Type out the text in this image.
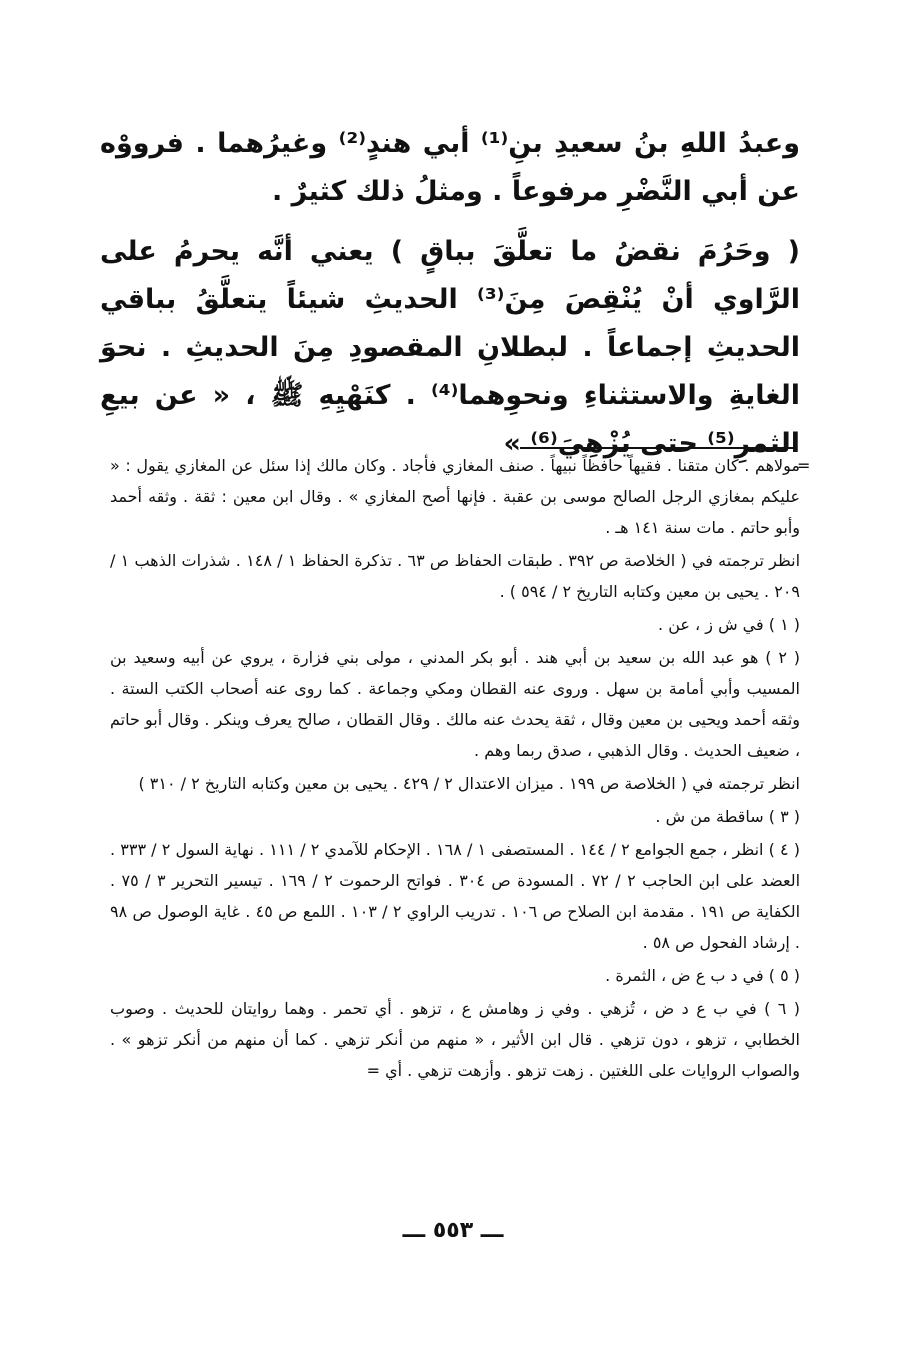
وعبدُ اللهِ بنُ سعيدِ بنِ⁽¹⁾ أبي هندٍ⁽²⁾ وغيرُهما . فرووْه عن أبي النَّضْرِ مرفوعاً . ومثلُ ذلك كثيرٌ .

( وحَرُمَ نقضُ ما تعلَّقَ بباقٍ ) يعني أنَّه يحرمُ على الرَّاوي أنْ يُنْقِصَ مِنَ⁽³⁾ الحديثِ شيئاً يتعلَّقُ بباقي الحديثِ إجماعاً . لبطلانِ المقصودِ مِنَ الحديثِ . نحوَ الغايةِ والاستثناءِ ونحوِهما⁽⁴⁾ . كنَهْيِهِ ﷺ ، « عن بيعِ الثمرِ⁽⁵⁾ حتى يُزْهِيَ⁽⁶⁾ »

=

مولاهم . كان متقنا . فقيهاً حافظاً نبيهاً . صنف المغازي فأجاد . وكان مالك إذا سئل عن المغازي يقول : « عليكم بمغازي الرجل الصالح موسى بن عقبة . فإنها أصح المغازي » . وقال ابن معين : ثقة . وثقه أحمد وأبو حاتم . مات سنة ١٤١ هـ .

انظر ترجمته في ( الخلاصة ص ٣٩٢ . طبقات الحفاظ ص ٦٣ . تذكرة الحفاظ ١ / ١٤٨ . شذرات الذهب ١ / ٢٠٩ . يحيى بن معين وكتابه التاريخ ٢ / ٥٩٤ ) .

( ١ ) في ش ز ، عن .

( ٢ ) هو عبد الله بن سعيد بن أبي هند . أبو بكر المدني ، مولى بني فزارة ، يروي عن أبيه وسعيد بن المسيب وأبي أمامة بن سهل . وروى عنه القطان ومكي وجماعة . كما روى عنه أصحاب الكتب الستة . وثقه أحمد ويحيى بن معين وقال ، ثقة يحدث عنه مالك . وقال القطان ، صالح يعرف وينكر . وقال أبو حاتم ، ضعيف الحديث . وقال الذهبي ، صدق ربما وهم .

انظر ترجمته في ( الخلاصة ص ١٩٩ . ميزان الاعتدال ٢ / ٤٢٩ . يحيى بن معين وكتابه التاريخ ٢ / ٣١٠ )

( ٣ ) ساقطة من ش .

( ٤ ) انظر ، جمع الجوامع ٢ / ١٤٤ . المستصفى ١ / ١٦٨ . الإحكام للآمدي ٢ / ١١١ . نهاية السول ٢ / ٣٣٣ . العضد على ابن الحاجب ٢ / ٧٢ . المسودة ص ٣٠٤ . فواتح الرحموت ٢ / ١٦٩ . تيسير التحرير ٣ / ٧٥ . الكفاية ص ١٩١ . مقدمة ابن الصلاح ص ١٠٦ . تدريب الراوي ٢ / ١٠٣ . اللمع ص ٤٥ . غاية الوصول ص ٩٨ . إرشاد الفحول ص ٥٨ .

( ٥ ) في د ب ع ض ، الثمرة .

( ٦ ) في ب ع د ض ، تُزهي . وفي ز وهامش ع ، تزهو . أي تحمر . وهما روايتان للحديث . وصوب الخطابي ، تزهو ، دون تزهي . قال ابن الأثير ، « منهم من أنكر تزهي . كما أن منهم من أنكر تزهو » . والصواب الروايات على اللغتين . زهت تزهو . وأزهت تزهي . أي =

ـــ ٥٥٣ ـــ
